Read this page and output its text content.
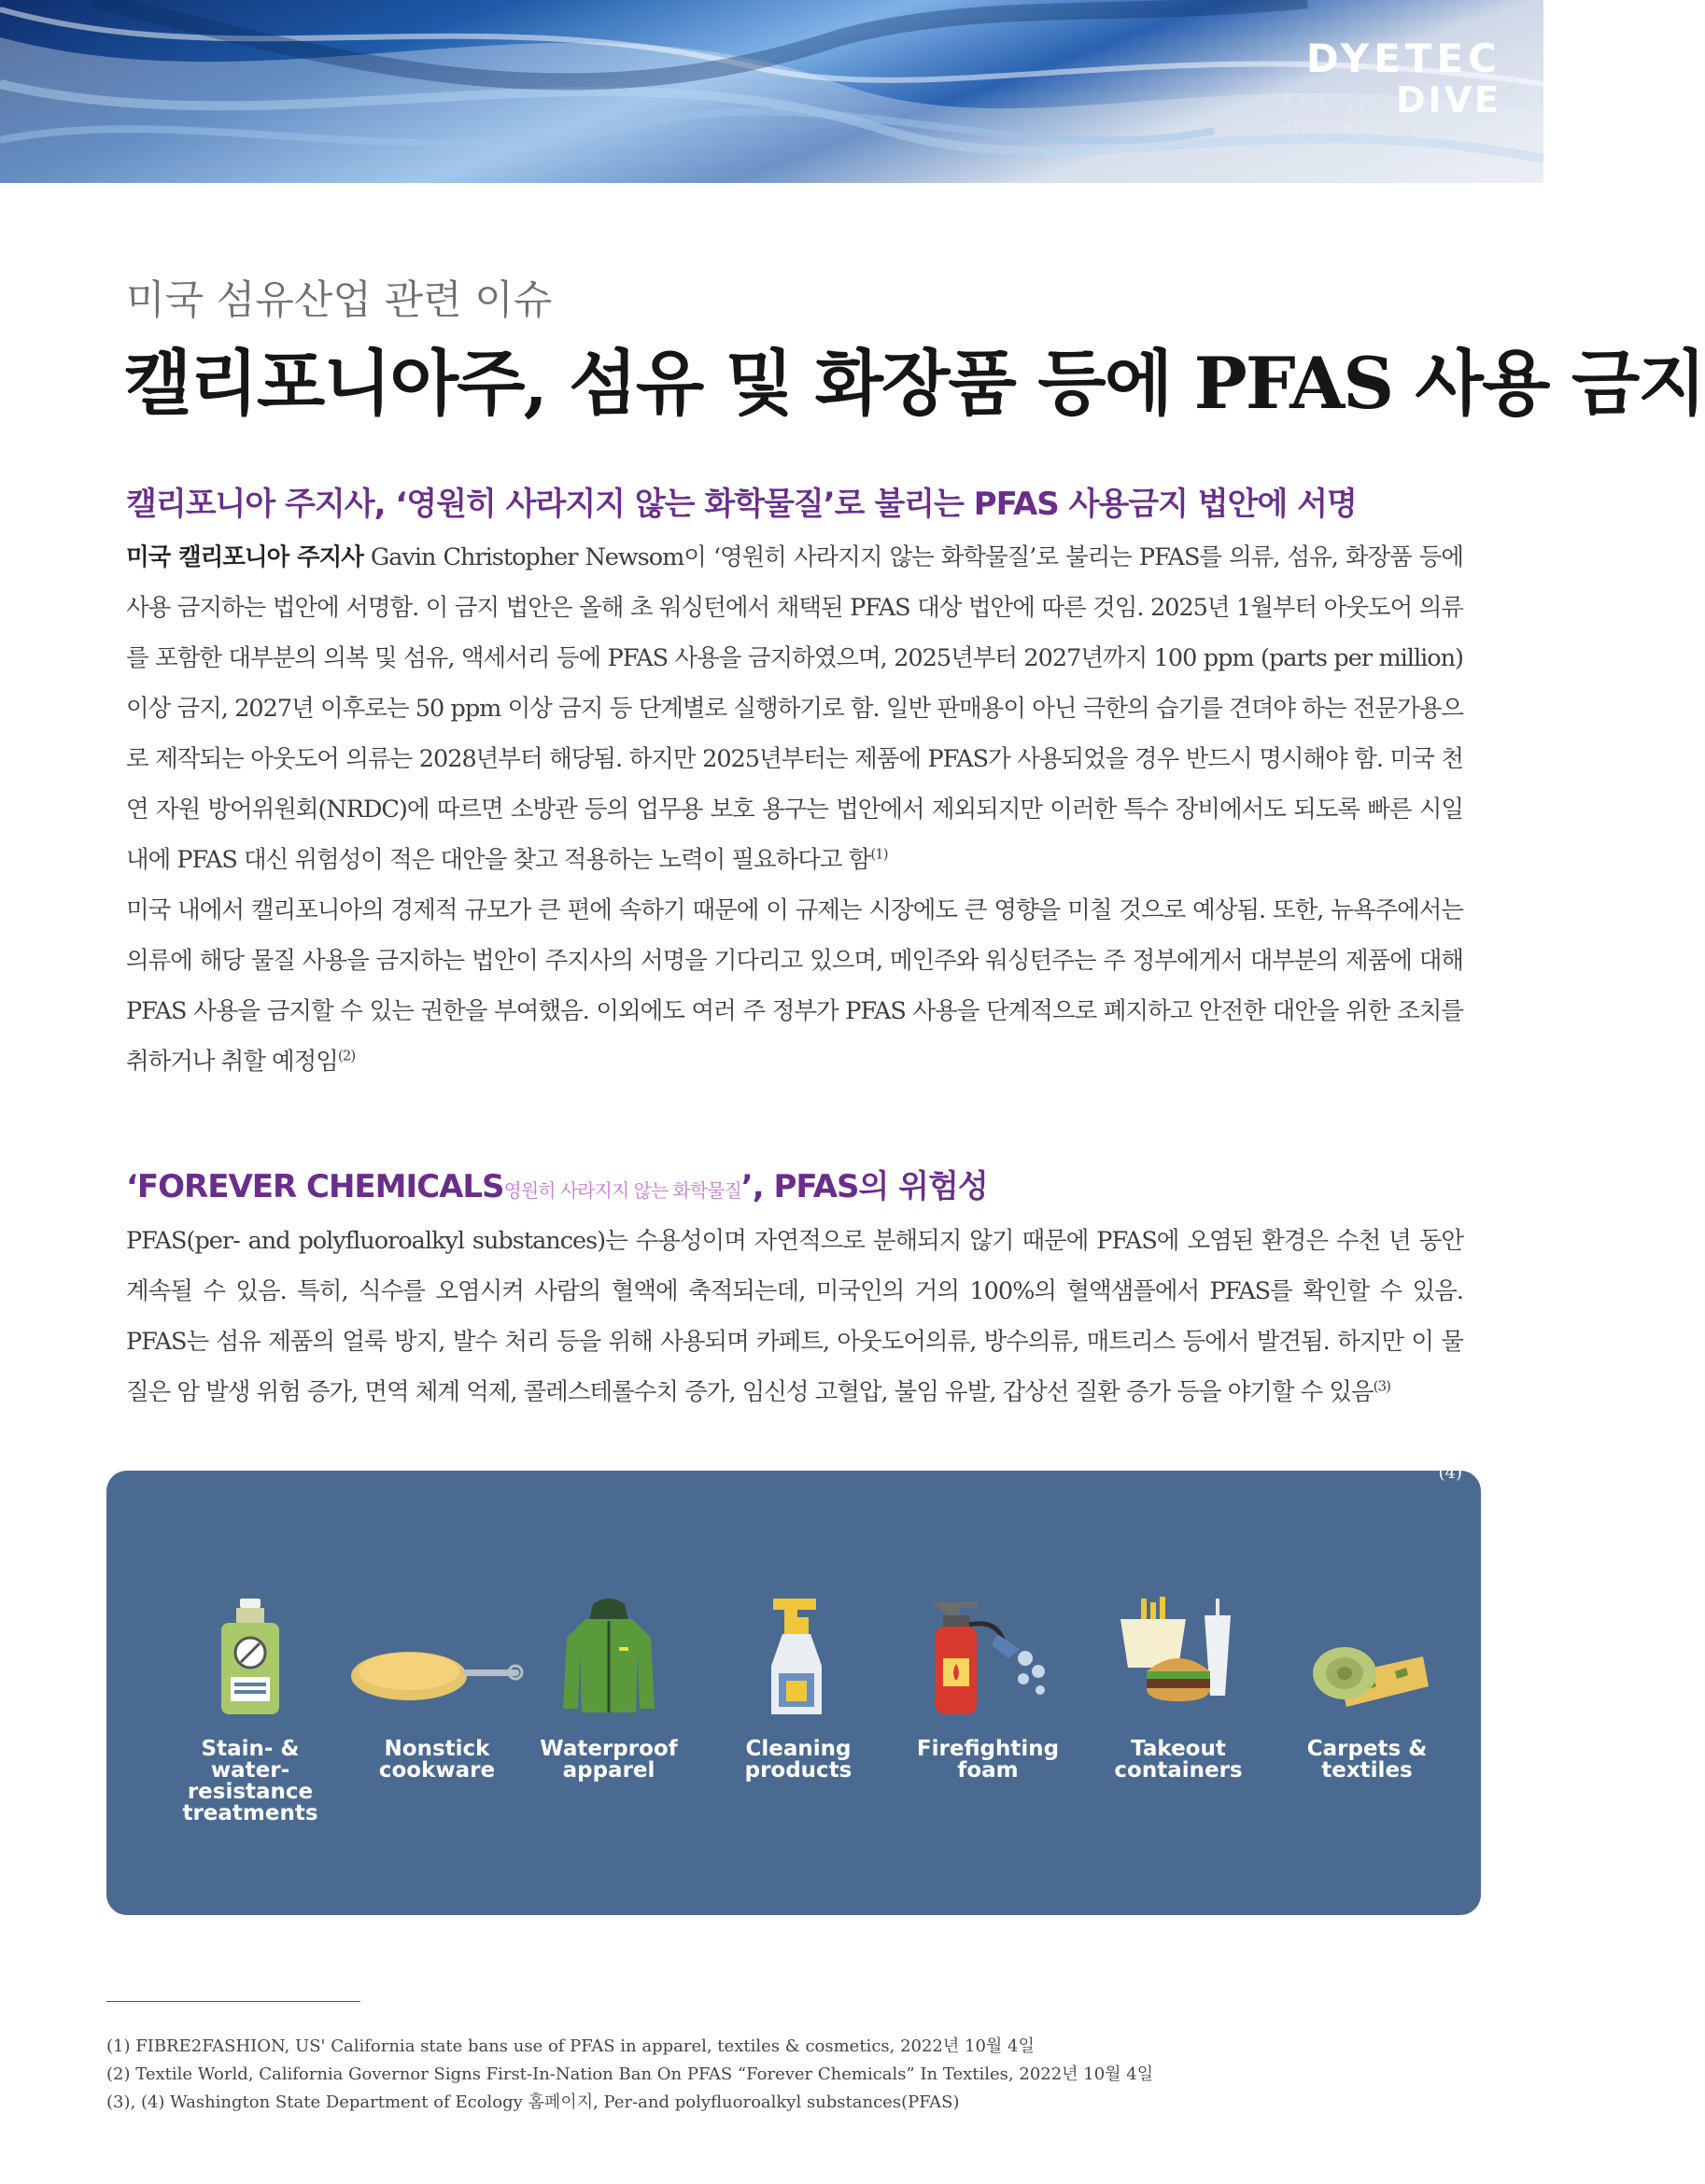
DYETEC
FABRIC DIVE
https://dive.dyetec.or.kr
미국 섬유산업 관련 이슈
캘리포니아주, 섬유 및 화장품 등에 PFAS 사용 금지
캘리포니아 주지사, ‘영원히 사라지지 않는 화학물질’로 불리는 PFAS 사용금지 법안에 서명

미국 캘리포니아 주지사 Gavin Christopher Newsom이 ‘영원히 사라지지 않는 화학물질’로 불리는 PFAS를 의류, 섬유, 화장품 등에 사용 금지하는 법안에 서명함. 이 금지 법안은 올해 초 워싱턴에서 채택된 PFAS 대상 법안에 따른 것임. 2025년 1월부터 아웃도어 의류를 포함한 대부분의 의복 및 섬유, 액세서리 등에 PFAS 사용을 금지하였으며, 2025년부터 2027년까지 100 ppm (parts per million) 이상 금지, 2027년 이후로는 50 ppm 이상 금지 등 단계별로 실행하기로 함. 일반 판매용이 아닌 극한의 습기를 견뎌야 하는 전문가용으로 제작되는 아웃도어 의류는 2028년부터 해당됨. 하지만 2025년부터는 제품에 PFAS가 사용되었을 경우 반드시 명시해야 함. 미국 천연 자원 방어위원회(NRDC)에 따르면 소방관 등의 업무용 보호 용구는 법안에서 제외되지만 이러한 특수 장비에서도 되도록 빠른 시일 내에 PFAS 대신 위험성이 적은 대안을 찾고 적용하는 노력이 필요하다고 함$^{(1)}$

미국 내에서 캘리포니아의 경제적 규모가 큰 편에 속하기 때문에 이 규제는 시장에도 큰 영향을 미칠 것으로 예상됨. 또한, 뉴욕주에서는 의류에 해당 물질 사용을 금지하는 법안이 주지사의 서명을 기다리고 있으며, 메인주와 워싱턴주는 주 정부에게서 대부분의 제품에 대해 PFAS 사용을 금지할 수 있는 권한을 부여했음. 이외에도 여러 주 정부가 PFAS 사용을 단계적으로 폐지하고 안전한 대안을 위한 조치를 취하거나 취할 예정임$^{(2)}$

‘FOREVER CHEMICALS영원히 사라지지 않는 화학물질’, PFAS의 위험성

PFAS(per- and polyfluoroalkyl substances)는 수용성이며 자연적으로 분해되지 않기 때문에 PFAS에 오염된 환경은 수천 년 동안 계속될 수 있음. 특히, 식수를 오염시켜 사람의 혈액에 축적되는데, 미국인의 거의 100%의 혈액샘플에서 PFAS를 확인할 수 있음. PFAS는 섬유 제품의 얼룩 방지, 발수 처리 등을 위해 사용되며 카페트, 아웃도어의류, 방수의류, 매트리스 등에서 발견됨. 하지만 이 물질은 암 발생 위험 증가, 면역 체계 억제, 콜레스테롤수치 증가, 임신성 고혈압, 불임 유발, 갑상선 질환 증가 등을 야기할 수 있음$^{(3)}$

(4)
Stain- & water-
resistance
treatments
Nonstick
cookware
Waterproof
apparel
Cleaning
products
Firefighting
foam
Takeout
containers
Carpets &
textiles
(1) FIBRE2FASHION, US' California state bans use of PFAS in apparel, textiles & cosmetics, 2022년 10월 4일
(2) Textile World, California Governor Signs First-In-Nation Ban On PFAS “Forever Chemicals” In Textiles, 2022년 10월 4일
(3), (4) Washington State Department of Ecology 홈페이지, Per-and polyfluoroalkyl substances(PFAS)
